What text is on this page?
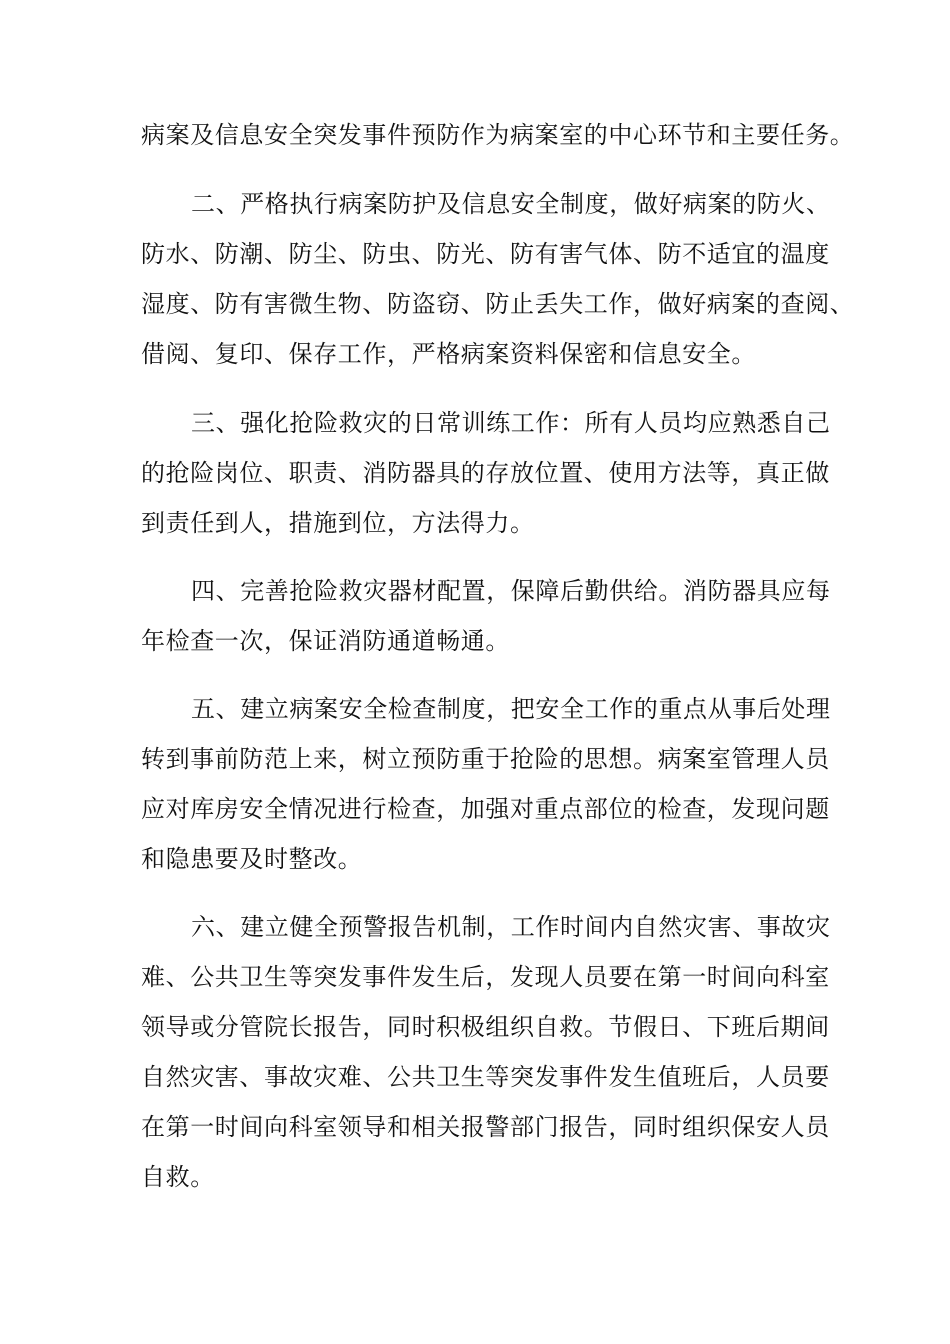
病案及信息安全突发事件预防作为病案室的中心环节和主要任务。
二、严格执行病案防护及信息安全制度，做好病案的防火、
防水、防潮、防尘、防虫、防光、防有害气体、防不适宜的温度
湿度、防有害微生物、防盗窃、防止丢失工作，做好病案的查阅、
借阅、复印、保存工作，严格病案资料保密和信息安全。
三、强化抢险救灾的日常训练工作：所有人员均应熟悉自己
的抢险岗位、职责、消防器具的存放位置、使用方法等，真正做
到责任到人，措施到位，方法得力。
四、完善抢险救灾器材配置，保障后勤供给。消防器具应每
年检查一次，保证消防通道畅通。
五、建立病案安全检查制度，把安全工作的重点从事后处理
转到事前防范上来，树立预防重于抢险的思想。病案室管理人员
应对库房安全情况进行检查，加强对重点部位的检查，发现问题
和隐患要及时整改。
六、建立健全预警报告机制，工作时间内自然灾害、事故灾
难、公共卫生等突发事件发生后，发现人员要在第一时间向科室
领导或分管院长报告，同时积极组织自救。节假日、下班后期间
自然灾害、事故灾难、公共卫生等突发事件发生值班后，人员要
在第一时间向科室领导和相关报警部门报告，同时组织保安人员
自救。
